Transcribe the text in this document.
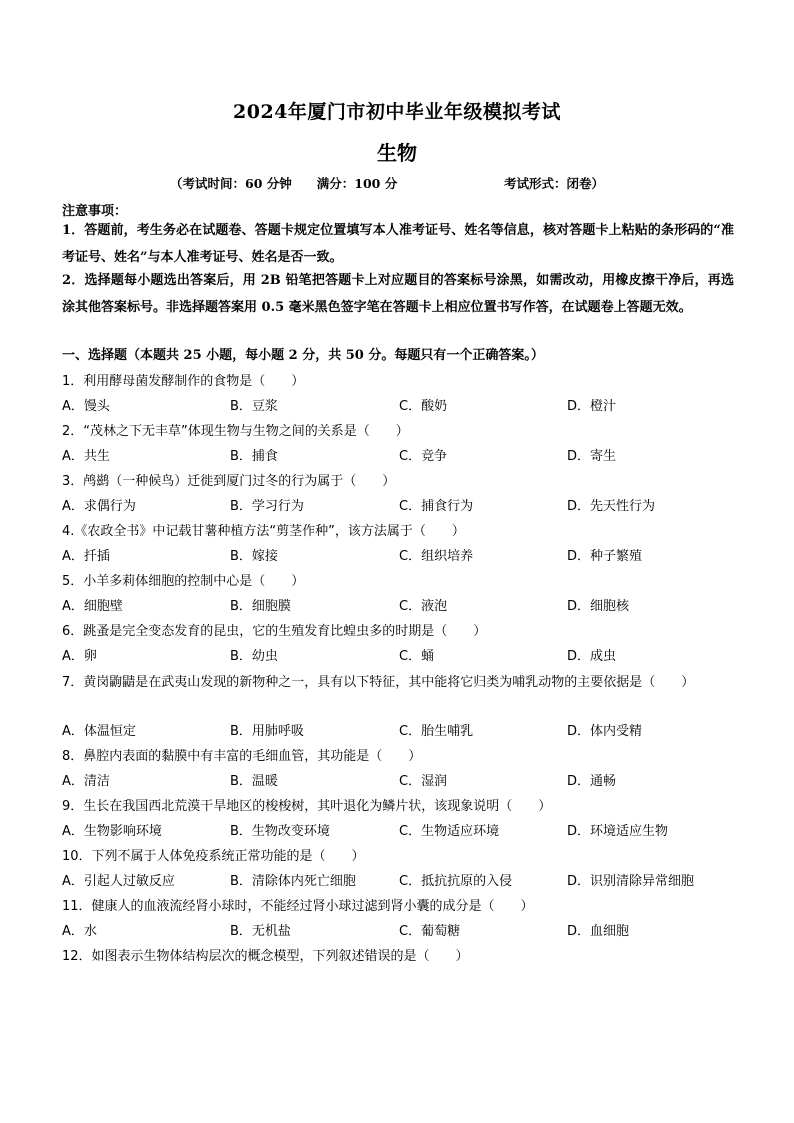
2024年厦门市初中毕业年级模拟考试
生物
（考试时间：60 分钟　　满分：100 分	考试形式：闭卷）
注意事项：
1．答题前，考生务必在试题卷、答题卡规定位置填写本人准考证号、姓名等信息，核对答题卡上粘贴的条形码的“准考证号、姓名”与本人准考证号、姓名是否一致。
2．选择题每小题选出答案后，用 2B 铅笔把答题卡上对应题目的答案标号涂黑，如需改动，用橡皮擦干净后，再选涂其他答案标号。非选择题答案用 0.5 毫米黑色签字笔在答题卡上相应位置书写作答，在试题卷上答题无效。
一、选择题（本题共 25 小题，每小题 2 分，共 50 分。每题只有一个正确答案。）
1．利用酵母菌发酵制作的食物是（　　）
A．馒头	B．豆浆	C．酸奶	D．橙汁
2．“茂林之下无丰草”体现生物与生物之间的关系是（　　）
A．共生	B．捕食	C．竞争	D．寄生
3．鸬鹚（一种候鸟）迁徙到厦门过冬的行为属于（　　）
A．求偶行为	B．学习行为	C．捕食行为	D．先天性行为
4.《农政全书》中记载甘薯种植方法“剪茎作种”，该方法属于（　　）
A．扦插	B．嫁接	C．组织培养	D．种子繁殖
5．小羊多莉体细胞的控制中心是（　　）
A．细胞壁	B．细胞膜	C．液泡	D．细胞核
6．跳蚤是完全变态发育的昆虫，它的生殖发育比蝗虫多的时期是（　　）
A．卵	B．幼虫	C．蛹	D．成虫
7．黄岗鼩鼱是在武夷山发现的新物种之一，具有以下特征，其中能将它归类为哺乳动物的主要依据是（　　）
A．体温恒定	B．用肺呼吸	C．胎生哺乳	D．体内受精
8．鼻腔内表面的黏膜中有丰富的毛细血管，其功能是（　　）
A．清洁	B．温暖	C．湿润	D．通畅
9．生长在我国西北荒漠干旱地区的梭梭树，其叶退化为鳞片状，该现象说明（　　）
A．生物影响环境	B．生物改变环境	C．生物适应环境	D．环境适应生物
10．下列不属于人体免疫系统正常功能的是（　　）
A．引起人过敏反应	B．清除体内死亡细胞	C．抵抗抗原的入侵	D．识别清除异常细胞
11．健康人的血液流经肾小球时，不能经过肾小球过滤到肾小囊的成分是（　　）
A．水	B．无机盐	C．葡萄糖	D．血细胞
12．如图表示生物体结构层次的概念模型，下列叙述错误的是（　　）
